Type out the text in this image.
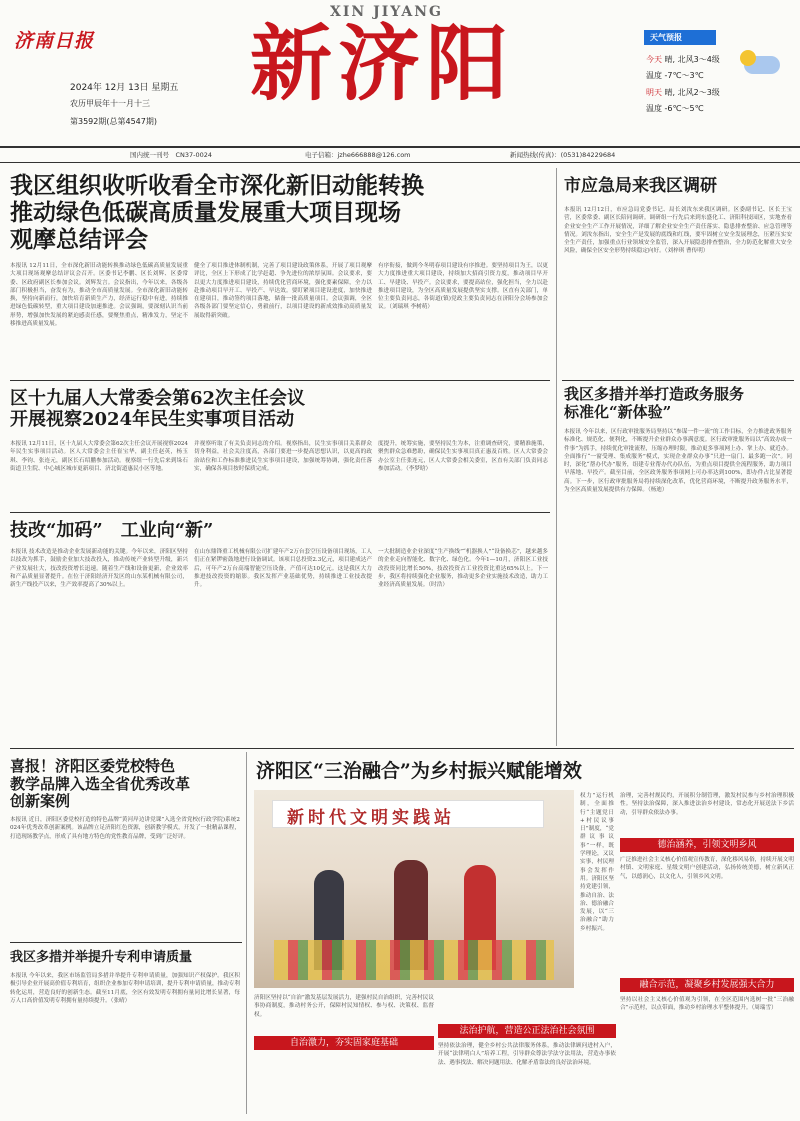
济南日报
XIN JIYANG
新济阳
2024年 12月 13日 星期五
农历甲辰年十一月十三
第3592期(总第4547期)
天气预报
今天 晴, 北风3～4级
温度 -7℃～3℃
明天 晴, 北风2～3级
温度 -6℃～5℃
国内统一刊号　CN37-0024	电子信箱：jzhe666888@126.com	新闻热线(传真)：(0531)84229684
我区组织收听收看全市深化新旧动能转换
推动绿色低碳高质量发展重大项目现场
观摩总结评会
本报讯 12月11日，全市深化新旧动能转换推动绿色低碳高质量发展重大项目现场观摩总结评议会召开。区委书记李鹏、区长刘辉、区委常委、区政府副区长参加会议。刘辉发言。会议指出，今年以来，各级各部门积极担当，奋发有为，推动全市高质量发展。全市深化新旧动能转换，坚持向新而行，加快培育新质生产力，经济运行稳中有进，持续推进绿色低碳转型，重大项目建设加速推进。会议强调，要深刻认识当前形势，增强加快发展的紧迫感责任感，要聚焦重点，精准发力，坚定不移推进高质量发展。
健全了项目推进体制机制，完善了项目建设政策体系，开展了项目观摩评比，全区上下形成了比学赶超、争先进位的浓厚氛围。会议要求，要以更大力度推进项目建设，持续优化营商环境，强化要素保障，全力以赴推动项目早开工、早投产、早达效。要盯紧项目建设进度，加快推进在建项目，推动签约项目落地，储备一批高质量项目。会议强调，全区各级各部门要坚定信心，勇毅前行，以项目建设的新成效推动高质量发展取得新突破。
有序衔接，做到今冬明春项目建设有序推进。要坚持项目为王，以更大力度推进重大项目建设，持续加大招商引资力度，推动项目早开工、早建设、早投产。会议要求，要提高站位，强化担当，全力以赴推进项目建设，为全区高质量发展提供坚实支撑。区直有关部门，单位主要负责同志，各街道(镇)党政主要负责同志在济阳分会场参加会议。（刘瑞琪 李树萌）
市应急局来我区调研
本报讯 12月12日，市应急局党委书记、局长刘汝东来我区调研。区委副书记、区长王宝营，区委常委、副区长陪同调研。调研组一行先后来到东盛化工、济阳科技园区，实地查看企业安全生产工作开展情况，详细了解企业安全生产责任落实、隐患排查整治、应急管理等情况。刘汝东指出，安全生产是发展的底线和红线，要牢固树立安全发展理念，压紧压实安全生产责任，加强重点行业领域安全监管，深入开展隐患排查整治，全力防范化解重大安全风险，确保全区安全形势持续稳定向好。（刘梓琪 曹传明）
区十九届人大常委会第62次主任会议
开展视察2024年民生实事项目活动
本报讯 12月11日，区十九届人大常委会第62次主任会议开展视察2024年民生实事项目活动。区人大常委会主任崔宝华，副主任赵英，杨玉琪、李钧、张连元，副区长石绍鹏参加活动。视察组一行先后来到垛石街道卫生院、中心城区城市更新项目、济北街道惠民小区等地。
并视察听取了有关负责同志的介绍。视察指出，民生实事项目关系群众切身利益，社会关注度高，各部门要进一步提高思想认识，以更高的政治站位和工作标准推进民生实事项目建设，加强统筹协调，强化责任落实，确保各项目按时保质完成。
度提升，统筹实施，要坚持民生为本，注重调查研究，要精准施策，聚焦群众急难愁盼，确保民生实事项目真正惠及百姓。区人大常委会办公室主任张连元，区人大常委会相关委室，区直有关部门负责同志参加活动。（李梦晗）
技改“加码”　工业向“新”
本报讯 技术改造是推动企业发展新动能的关键。今年以来，济阳区坚持以技改为抓手，鼓励企业加大技改投入，推动传统产业转型升级，新兴产业发展壮大，技改投资增长迅速。随着生产线和设备更新，企业效率和产品质量显著提升。在位于济阳经济开发区的山东某机械有限公司，新生产线投产以来，生产效率提高了30%以上。
在山东鼎锋重工机械有限公司扩建年产2万台套空压设备项目现场，工人们正在紧锣密鼓地进行设备调试。该项目总投资2.3亿元，项目建成达产后，可年产2万台高端智能空压设备，产值可达10亿元。这是我区大力推进技改投资的缩影。我区发挥产业基础优势，持续推进工业技改提升。
一大批制造业企业深度“生产换线”“机器换人”“设备换芯”，越来越多的企业走向智能化、数字化、绿色化。今年1—10月，济阳区工业技改投资同比增长50%，技改投资占工业投资比重达65%以上。下一步，我区将持续强化企业服务，推动更多企业实施技术改造，助力工业经济高质量发展。（时浩）
我区多措并举打造政务服务
标准化“新体验”
本报讯 今年以来，区行政审批服务局坚持以“参谋一件一流”的工作目标，全力推进政务服务标准化、规范化、便利化，不断提升企业群众办事满意度。区行政审批服务局以“高效办成一件事”为抓手，持续优化审批流程，压缩办理时限，推动更多事项网上办、掌上办、就近办。全面推行“一窗受理、集成服务”模式，实现企业群众办事“只进一扇门、最多跑一次”。同时，深化“帮办代办”服务，组建专业帮办代办队伍，为重点项目提供全流程服务，助力项目早落地、早投产。截至目前，全区政务服务事项网上可办率达到100%，即办件占比显著提高。下一步，区行政审批服务局将持续深化改革，优化营商环境，不断提升政务服务水平，为全区高质量发展提供有力保障。（杨迪）
喜报！济阳区委党校特色
教学品牌入选全省优秀改革
创新案例
本报讯 近日，济阳区委党校打造的特色品牌“黄河岸边讲党课”入选全省党校(行政学院)系统2024年优秀改革创新案例。该品牌立足济阳红色资源，创新教学模式，开发了一批精品课程，打造现场教学点，形成了具有地方特色的党性教育品牌，受到广泛好评。
我区多措并举提升专利申请质量
本报讯 今年以来，我区市场监管局多措并举提升专利申请质量，加强知识产权保护。我区积极引导企业开展高价值专利培育，组织企业参加专利申请培训，提升专利申请质量，推动专利转化运用，营造良好的创新生态。截至11月底，全区有效发明专利拥有量同比增长显著，每万人口高价值发明专利拥有量持续提升。（张晴）
济阳区“三治融合”为乡村振兴赋能增效
新时代文明实践站
权力”运行机制，全面推行“主题党日+村民议事日”制度，“党群议事议事”一样，既学理论，又议实事，村民理事会发挥作用。济阳区坚持党建引领，推动自治、法治、德治融合发展，以“三治融合”助力乡村振兴。
治理，完善村规民约，开展积分制管理，激发村民参与乡村治理积极性。坚持法治保障，深入推进法治乡村建设，常态化开展送法下乡活动，引导群众依法办事。
德治涵养，引领文明乡风
广泛推进社会主义核心价值观宣传教育，深化移风易俗，持续开展文明村镇、文明家庭、星级文明户创建活动，弘扬传统美德，树立新风正气，以德润心，以文化人，引领乡风文明。
融合示范，凝聚乡村发展强大合力
坚持以社会主义核心价值观为引领，在全区范围内选树一批“三治融合”示范村，以点带面，推动乡村治理水平整体提升。（周瑞雪）
自治激力，夯实固家庭基础
济阳区坚持以“自治”激发基层发展活力，建强村民自治组织，完善村民议事协商制度，推动村务公开，保障村民知情权、参与权、决策权、监督权。
法治护航，营造公正法治社会氛围
坚持依法治理，健全乡村公共法律服务体系，推动法律顾问进村入户，开展“法律明白人”培养工程，引导群众尊法学法守法用法，营造办事依法、遇事找法、解决问题用法、化解矛盾靠法的良好法治环境。
